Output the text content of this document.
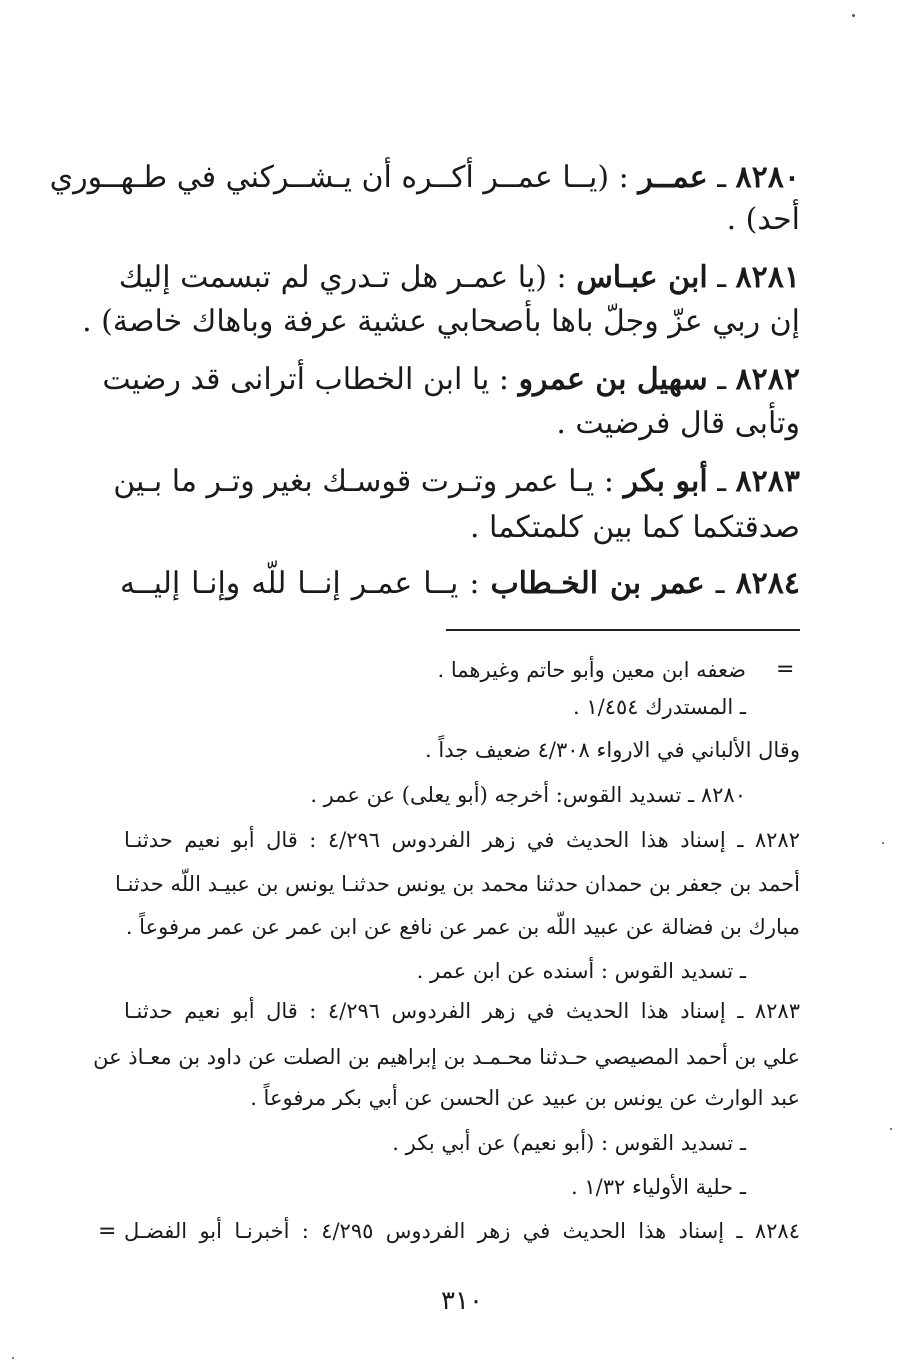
٨٢٨٠ ـ عمــر : (يــا عمــر أكــره أن يـشــركني في طـهــوري
أحد) .
٨٢٨١ ـ ابن عبـاس : (يا عمـر هل تـدري لم تبسمت إليك
إن ربي عزّ وجلّ باها بأصحابي عشية عرفة وباهاك خاصة) .
٨٢٨٢ ـ سهيل بن عمرو : يا ابن الخطاب أترانى قد رضيت
وتأبى قال فرضيت .
٨٢٨٣ ـ أبو بكر : يـا عمر وتـرت قوسـك بغير وتـر ما بـين
صدقتكما كما بين كلمتكما .
٨٢٨٤ ـ عمر بن الخـطاب : يــا عمـر إنــا للّه وإنـا إليــه
=
ضعفه ابن معين وأبو حاتم وغيرهما .
ـ المستدرك ١/٤٥٤ .
وقال الألباني في الارواء ٤/٣٠٨ ضعيف جداً .
٨٢٨٠ ـ تسديد القوس: أخرجه (أبو يعلى) عن عمر .
٨٢٨٢ ـ إسناد هذا الحديث في زهر الفردوس ٤/٢٩٦ : قال أبو نعيم حدثنـا
أحمد بن جعفر بن حمدان حدثنا محمد بن يونس حدثنـا يونس بن عبيـد اللّه حدثنـا
مبارك بن فضالة عن عبيد اللّه بن عمر عن نافع عن ابن عمر عن عمر مرفوعاً .
ـ تسديد القوس : أسنده عن ابن عمر .
٨٢٨٣ ـ إسناد هذا الحديث في زهر الفردوس ٤/٢٩٦ : قال أبو نعيم حدثنـا
علي بن أحمد المصيصي حـدثنا محـمـد بن إبراهيم بن الصلت عن داود بن معـاذ عن
عبد الوارث عن يونس بن عبيد عن الحسن عن أبي بكر مرفوعاً .
ـ تسديد القوس : (أبو نعيم) عن أبي بكر .
ـ حلية الأولياء ١/٣٢ .
٨٢٨٤ ـ إسناد هذا الحديث في زهر الفردوس ٤/٢٩٥ : أخبرنـا أبو الفضـل
=
٣١٠
